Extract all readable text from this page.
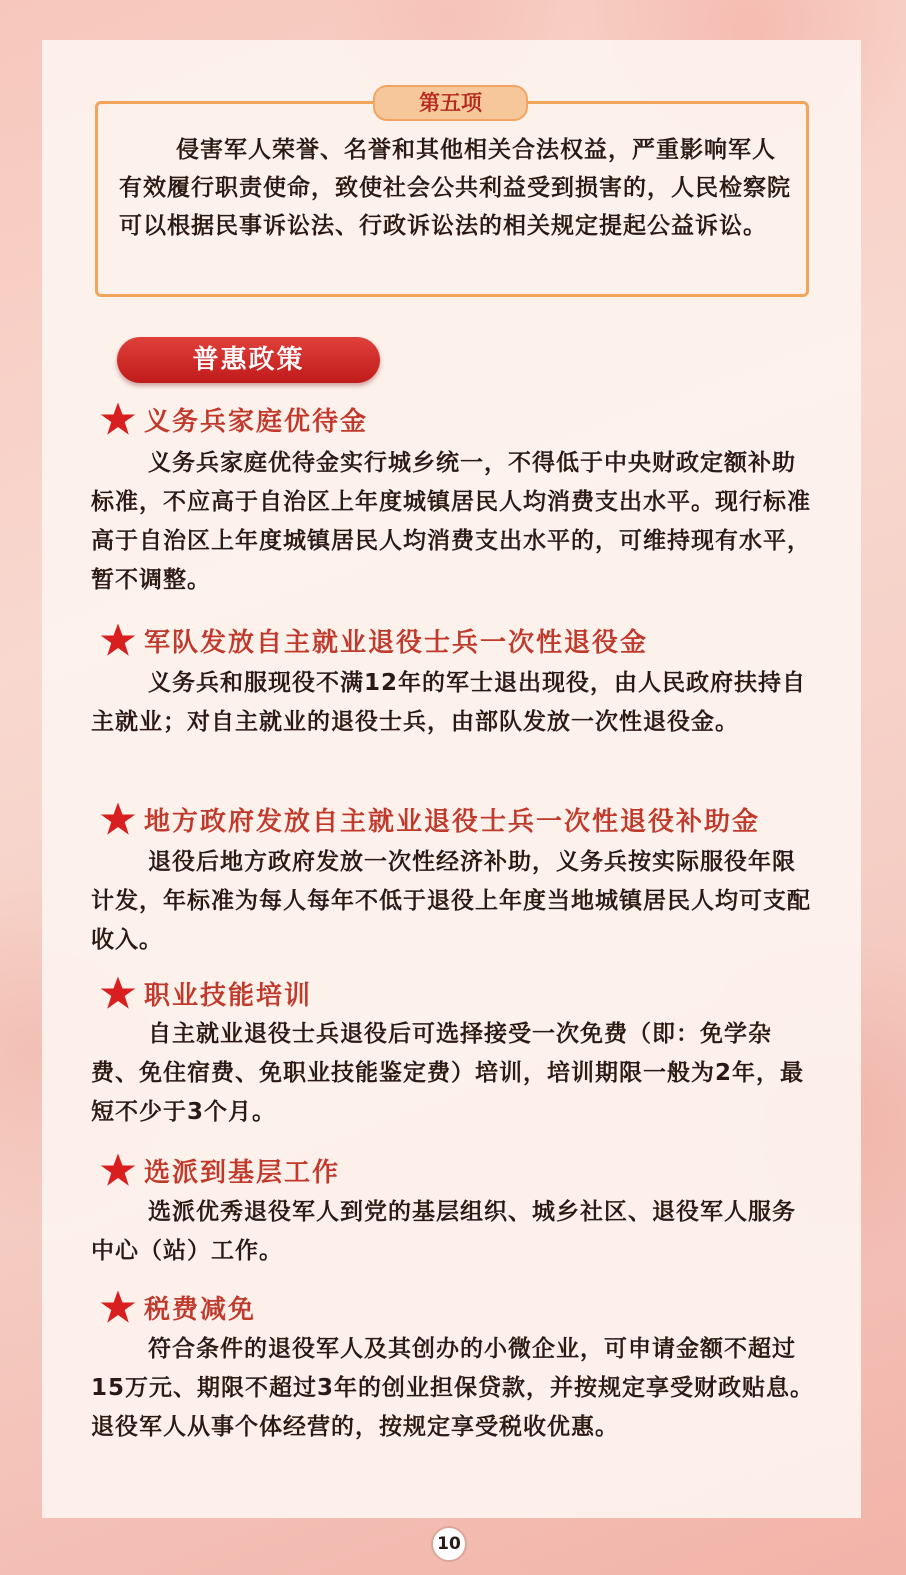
第五项

侵害军人荣誉、名誉和其他相关合法权益，严重影响军人有效履行职责使命，致使社会公共利益受到损害的，人民检察院可以根据民事诉讼法、行政诉讼法的相关规定提起公益诉讼。

普惠政策
义务兵家庭优待金

义务兵家庭优待金实行城乡统一，不得低于中央财政定额补助标准，不应高于自治区上年度城镇居民人均消费支出水平。现行标准高于自治区上年度城镇居民人均消费支出水平的，可维持现有水平，暂不调整。

军队发放自主就业退役士兵一次性退役金

义务兵和服现役不满12年的军士退出现役，由人民政府扶持自主就业；对自主就业的退役士兵，由部队发放一次性退役金。

地方政府发放自主就业退役士兵一次性退役补助金

退役后地方政府发放一次性经济补助，义务兵按实际服役年限计发，年标准为每人每年不低于退役上年度当地城镇居民人均可支配收入。

职业技能培训

自主就业退役士兵退役后可选择接受一次免费（即：免学杂费、免住宿费、免职业技能鉴定费）培训，培训期限一般为2年，最短不少于3个月。

选派到基层工作

选派优秀退役军人到党的基层组织、城乡社区、退役军人服务中心（站）工作。

税费减免

符合条件的退役军人及其创办的小微企业，可申请金额不超过15万元、期限不超过3年的创业担保贷款，并按规定享受财政贴息。退役军人从事个体经营的，按规定享受税收优惠。

10
